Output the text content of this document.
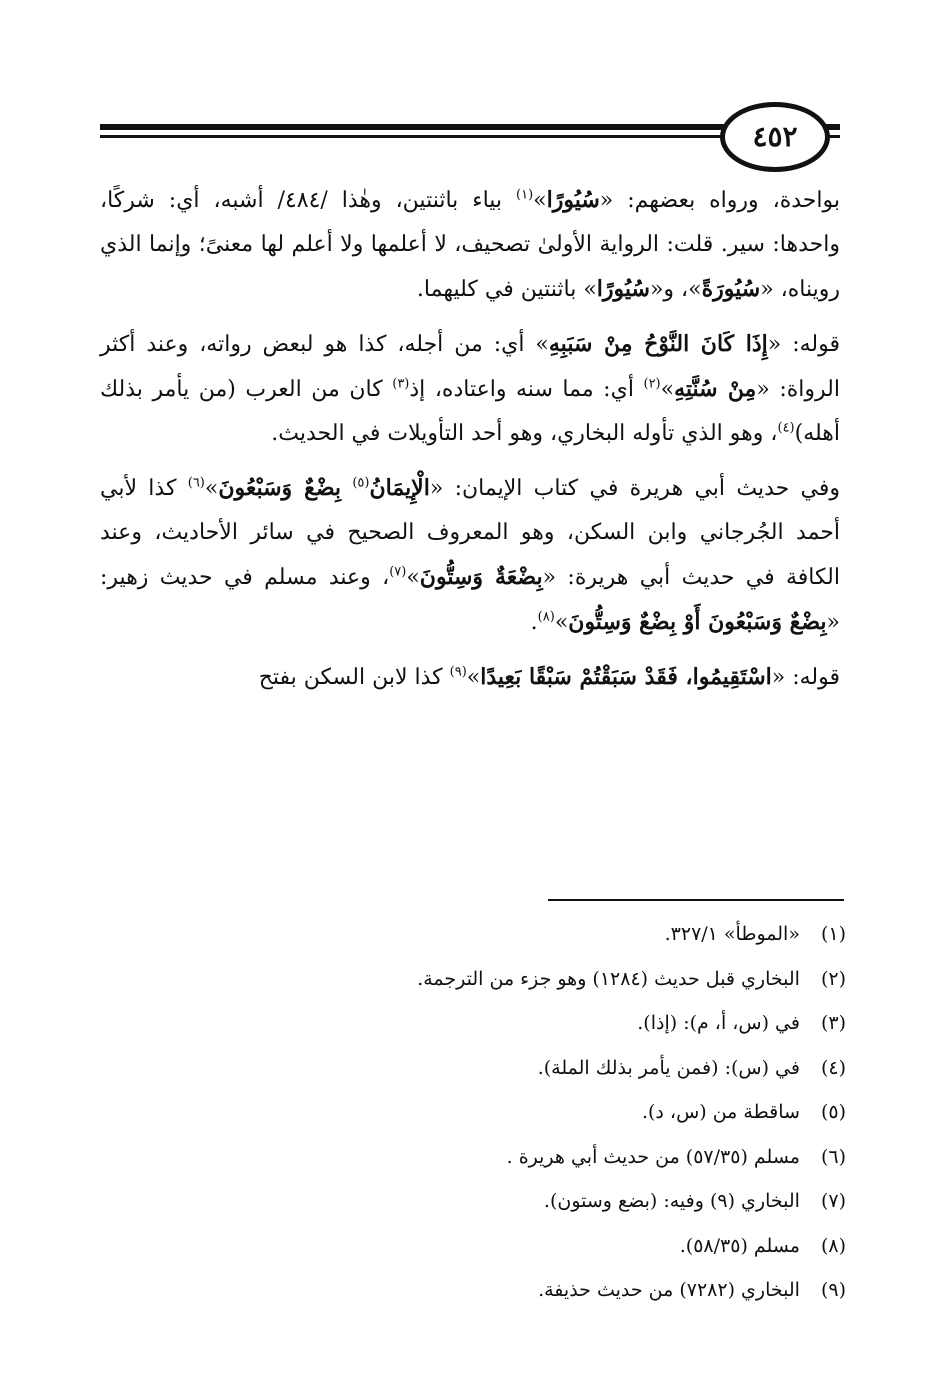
٤٥٢

بواحدة، ورواه بعضهم: «سُيُورًا»$^{(١)}$ بياء باثنتين، وهٰذا /٤٨٤/ أشبه، أي: شركًا، واحدها: سير. قلت: الرواية الأولىٰ تصحيف، لا أعلمها ولا أعلم لها معنىً؛ وإنما الذي رويناه، «سُيُورَةً»، و«سُيُورًا» باثنتين في كليهما.

قوله: «إِذَا كَانَ النَّوْحُ مِنْ سَبَبِهِ» أي: من أجله، كذا هو لبعض رواته، وعند أكثر الرواة: «مِنْ سُنَّتِهِ»$^{(٢)}$ أي: مما سنه واعتاده، إذ$^{(٣)}$ كان من العرب (من يأمر بذلك أهله)$^{(٤)}$، وهو الذي تأوله البخاري، وهو أحد التأويلات في الحديث.

وفي حديث أبي هريرة في كتاب الإيمان: «الْإِيمَانُ$^{(٥)}$ بِضْعٌ وَسَبْعُونَ»$^{(٦)}$ كذا لأبي أحمد الجُرجاني وابن السكن، وهو المعروف الصحيح في سائر الأحاديث، وعند الكافة في حديث أبي هريرة: «بِضْعَةٌ وَسِتُّونَ»$^{(٧)}$، وعند مسلم في حديث زهير: «بِضْعٌ وَسَبْعُونَ أَوْ بِضْعٌ وَسِتُّونَ»$^{(٨)}$.

قوله: «اسْتَقِيمُوا، فَقَدْ سَبَقْتُمْ سَبْقًا بَعِيدًا»$^{(٩)}$ كذا لابن السكن بفتح

(١) «الموطأ» ٣٢٧/١.
(٢) البخاري قبل حديث (١٢٨٤) وهو جزء من الترجمة.
(٣) في (س، أ، م): (إذا).
(٤) في (س): (فمن يأمر بذلك الملة).
(٥) ساقطة من (س، د).
(٦) مسلم (٥٧/٣٥) من حديث أبي هريرة .
(٧) البخاري (٩) وفيه: (بضع وستون).
(٨) مسلم (٥٨/٣٥).
(٩) البخاري (٧٢٨٢) من حديث حذيفة.
